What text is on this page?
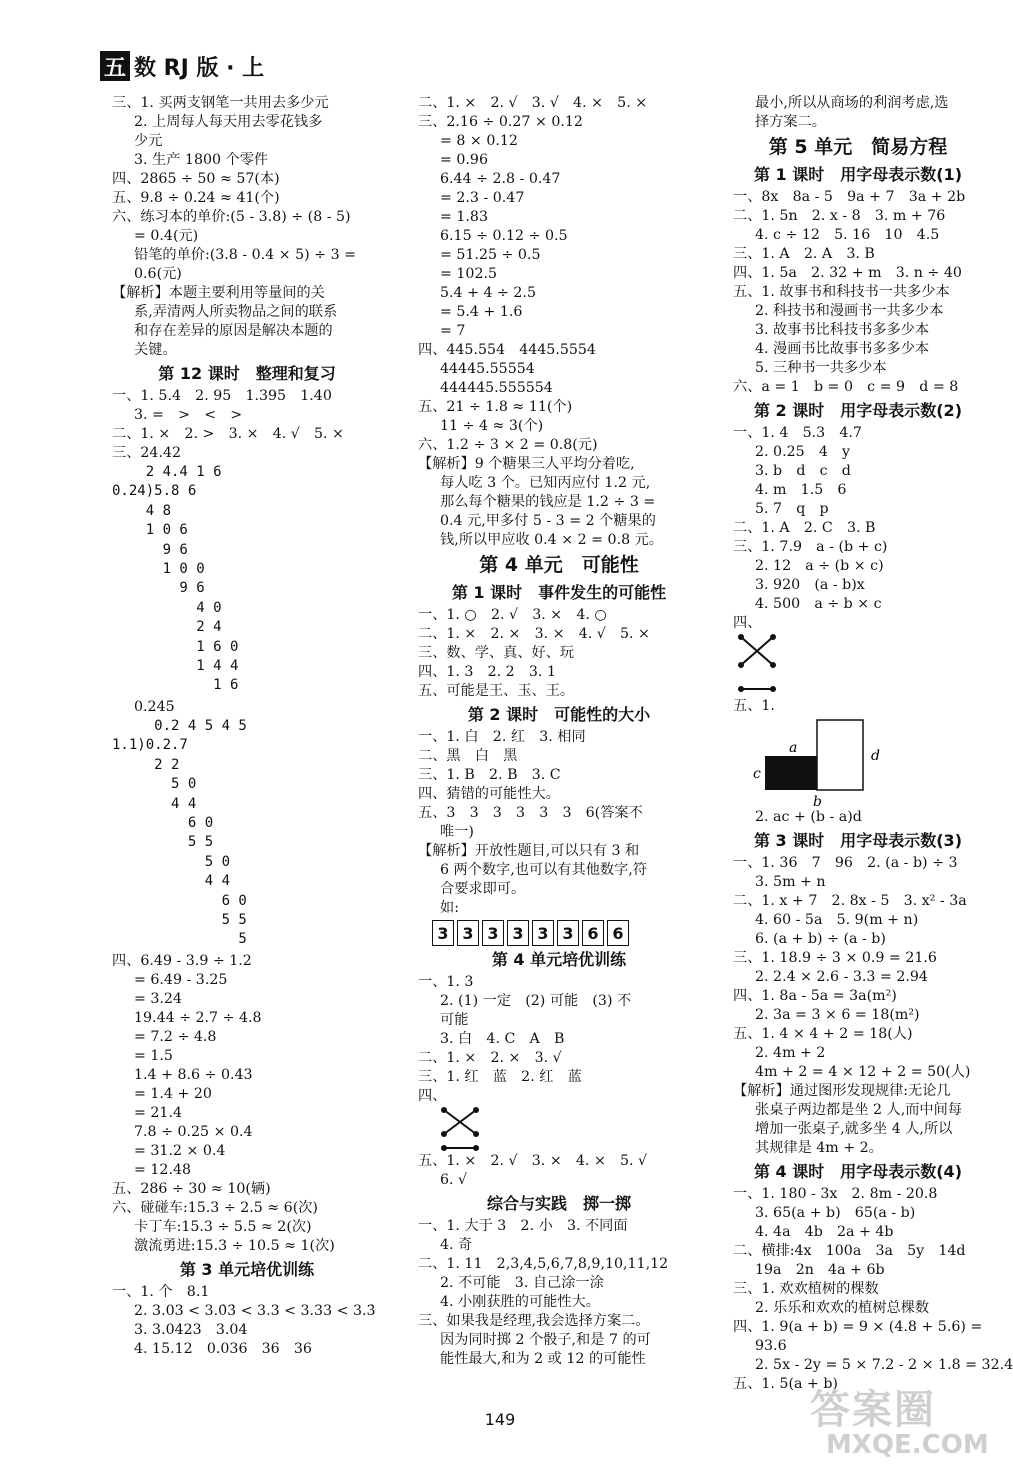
五 数 RJ 版 · 上
三、1. 买两支钢笔一共用去多少元
2. 上周每人每天用去零花钱多
少元
3. 生产 1800 个零件
四、2865 ÷ 50 ≈ 57(本)
五、9.8 ÷ 0.24 ≈ 41(个)
六、练习本的单价:(5 - 3.8) ÷ (8 - 5)
= 0.4(元)
铅笔的单价:(3.8 - 0.4 × 5) ÷ 3 =
0.6(元)
【解析】本题主要利用等量间的关
系,弄清两人所卖物品之间的联系
和存在差异的原因是解决本题的
关键。
第 12 课时　整理和复习
一、1. 5.4　2. 95　1.395̇　1.40
3. =　>　<　>
二、1. ×　2. >　3. ×　4. √　5. ×
三、24.42
2 4.4 1 6
0.24)5.8 6
4 8
1 0 6
9 6
1 0 0
9 6
4 0
2 4
1 6 0
1 4 4
1 6
0.245̇
0.2 4 5 4 5
1.1)0.2.7
2 2
5 0
4 4
6 0
5 5
5 0
4 4
6 0
5 5
5
四、6.49 - 3.9 ÷ 1.2
= 6.49 - 3.25
= 3.24
19.44 ÷ 2.7 ÷ 4.8
= 7.2 ÷ 4.8
= 1.5
1.4 + 8.6 ÷ 0.43
= 1.4 + 20
= 21.4
7.8 ÷ 0.25 × 0.4
= 31.2 × 0.4
= 12.48
五、286 ÷ 30 ≈ 10(辆)
六、碰碰车:15.3 ÷ 2.5 ≈ 6(次)
卡丁车:15.3 ÷ 5.5 ≈ 2(次)
激流勇进:15.3 ÷ 10.5 ≈ 1(次)
第 3 单元培优训练
一、1. 个　8.1
2. 3.03 < 3.0̇3̇ < 3.3 < 3.33 < 3.3̇
3. 3.0423　3.04
4. 15.12　0.036　36　36
二、1. ×　2. √　3. √　4. ×　5. ×
三、2.16 ÷ 0.27 × 0.12
= 8 × 0.12
= 0.96
6.44 ÷ 2.8 - 0.47
= 2.3 - 0.47
= 1.83
6.15 ÷ 0.12 ÷ 0.5
= 51.25 ÷ 0.5
= 102.5
5.4 + 4 ÷ 2.5
= 5.4 + 1.6
= 7
四、445.554　4445.5554
44445.55554
444445.555554
五、21 ÷ 1.8 ≈ 11(个)
11 ÷ 4 ≈ 3(个)
六、1.2 ÷ 3 × 2 = 0.8(元)
【解析】9 个糖果三人平均分着吃,
每人吃 3 个。已知丙应付 1.2 元,
那么每个糖果的钱应是 1.2 ÷ 3 =
0.4 元,甲多付 5 - 3 = 2 个糖果的
钱,所以甲应收 0.4 × 2 = 0.8 元。
第 4 单元　可能性
第 1 课时　事件发生的可能性
一、1. ○　2. √　3. ×　4. ○
二、1. ×　2. ×　3. ×　4. √　5. ×
三、数、学、真、好、玩
四、1. 3　2. 2　3. 1
五、可能是王、玉、王。
第 2 课时　可能性的大小
一、1. 白　2. 红　3. 相同
二、黑　白　黑
三、1. B　2. B　3. C
四、猜错的可能性大。
五、3　3　3　3　3　3　6(答案不
唯一)
【解析】开放性题目,可以只有 3 和
6 两个数字,也可以有其他数字,符
合要求即可。
如:
3 3 3 3 3 3 6 6
第 4 单元培优训练
一、1. 3
2. (1) 一定　(2) 可能　(3) 不
可能
3. 白　4. C　A　B
二、1. ×　2. ×　3. √
三、1. 红　蓝　2. 红　蓝
四、
五、1. ×　2. √　3. ×　4. ×　5. √
6. √
综合与实践　掷一掷
一、1. 大于 3　2. 小　3. 不同面
4. 奇
二、1. 11　2,3,4,5,6,7,8,9,10,11,12
2. 不可能　3. 自己涂一涂
4. 小刚获胜的可能性大。
三、如果我是经理,我会选择方案二。
因为同时掷 2 个骰子,和是 7 的可
能性最大,和为 2 或 12 的可能性
最小,所以从商场的利润考虑,选
择方案二。
第 5 单元　简易方程
第 1 课时　用字母表示数(1)
一、8x　8a - 5　9a + 7　3a + 2b
二、1. 5n　2. x - 8　3. m + 76
4. c ÷ 12　5. 16　10　4.5
三、1. A　2. A　3. B
四、1. 5a　2. 32 + m　3. n ÷ 40
五、1. 故事书和科技书一共多少本
2. 科技书和漫画书一共多少本
3. 故事书比科技书多多少本
4. 漫画书比故事书多多少本
5. 三种书一共多少本
六、a = 1　b = 0　c = 9　d = 8
第 2 课时　用字母表示数(2)
一、1. 4　5.3　4.7
2. 0.25　4　y
3. b　d　c　d
4. m　1.5　6
5. 7　q　p
二、1. A　2. C　3. B
三、1. 7.9　a - (b + c)
2. 12　a ÷ (b × c)
3. 920　(a - b)x
4. 500　a ÷ b × c
四、
五、1.
a
c
d
b
2. ac + (b - a)d
第 3 课时　用字母表示数(3)
一、1. 36　7　96　2. (a - b) ÷ 3
3. 5m + n
二、1. x + 7　2. 8x - 5　3. x² - 3a
4. 60 - 5a　5. 9(m + n)
6. (a + b) ÷ (a - b)
三、1. 18.9 ÷ 3 × 0.9 = 21.6
2. 2.4 × 2.6 - 3.3 = 2.94
四、1. 8a - 5a = 3a(m²)
2. 3a = 3 × 6 = 18(m²)
五、1. 4 × 4 + 2 = 18(人)
2. 4m + 2
4m + 2 = 4 × 12 + 2 = 50(人)
【解析】通过图形发现规律:无论几
张桌子两边都是坐 2 人,而中间每
增加一张桌子,就多坐 4 人,所以
其规律是 4m + 2。
第 4 课时　用字母表示数(4)
一、1. 180 - 3x　2. 8m - 20.8
3. 65(a + b)　65(a - b)
4. 4a　4b　2a + 4b
二、横排:4x　100a　3a　5y　14d
19a　2n　4a + 6b
三、1. 欢欢植树的棵数
2. 乐乐和欢欢的植树总棵数
四、1. 9(a + b) = 9 × (4.8 + 5.6) =
93.6
2. 5x - 2y = 5 × 7.2 - 2 × 1.8 = 32.4
五、1. 5(a + b)
149	答案圈
MXQE.COM
